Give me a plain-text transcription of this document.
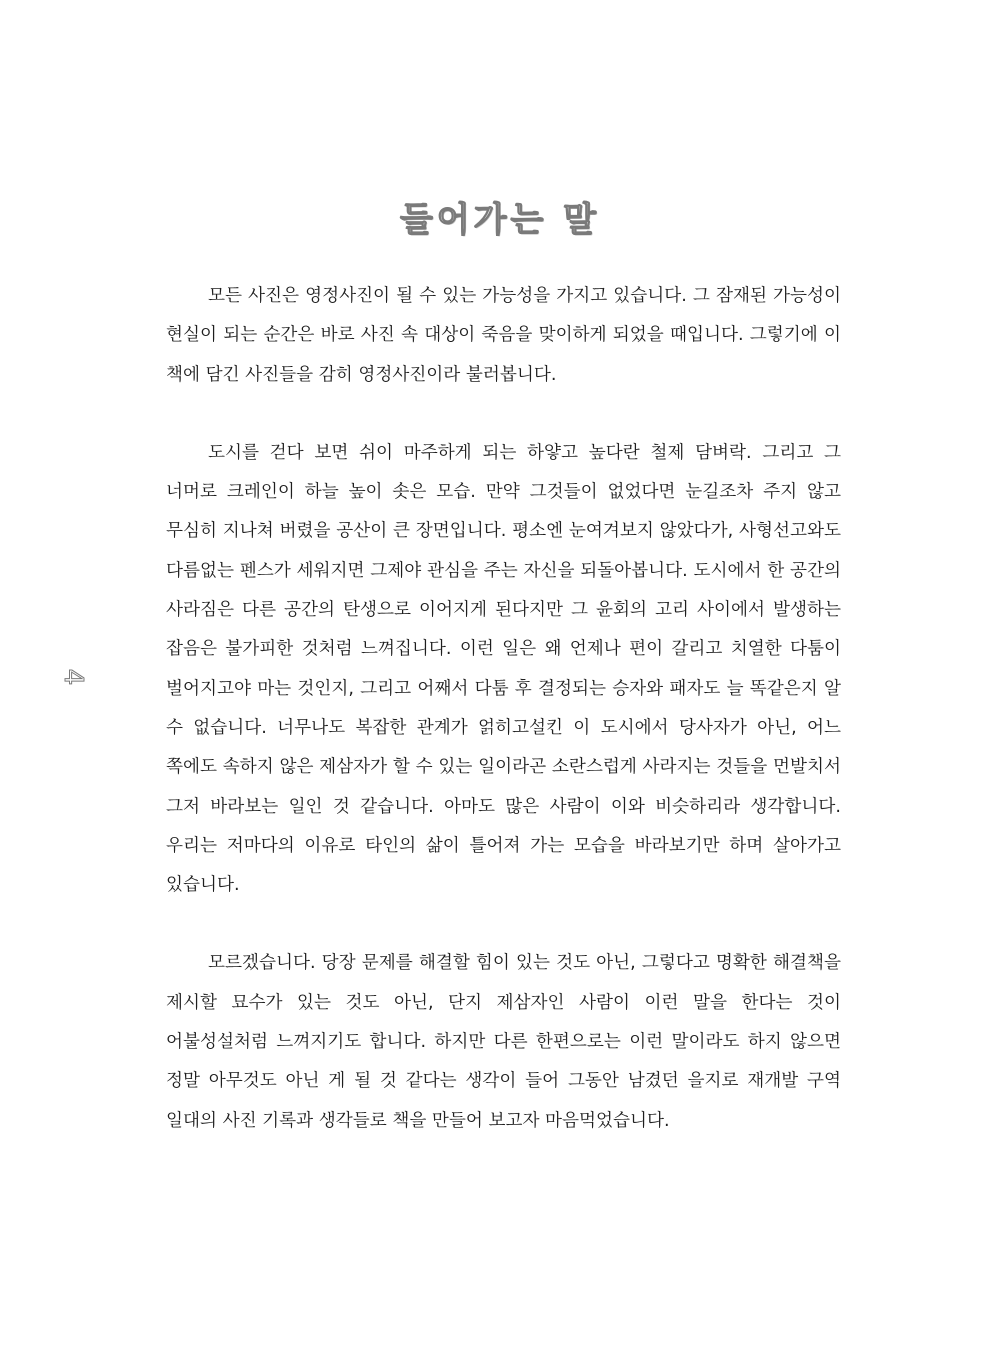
들어가는 말
4

모든 사진은 영정사진이 될 수 있는 가능성을 가지고 있습니다. 그 잠재된 가능성이 현실이 되는 순간은 바로 사진 속 대상이 죽음을 맞이하게 되었을 때입니다. 그렇기에 이 책에 담긴 사진들을 감히 영정사진이라 불러봅니다.

도시를 걷다 보면 쉬이 마주하게 되는 하얗고 높다란 철제 담벼락. 그리고 그 너머로 크레인이 하늘 높이 솟은 모습. 만약 그것들이 없었다면 눈길조차 주지 않고 무심히 지나쳐 버렸을 공산이 큰 장면입니다. 평소엔 눈여겨보지 않았다가, 사형선고와도 다름없는 펜스가 세워지면 그제야 관심을 주는 자신을 되돌아봅니다. 도시에서 한 공간의 사라짐은 다른 공간의 탄생으로 이어지게 된다지만 그 윤회의 고리 사이에서 발생하는 잡음은 불가피한 것처럼 느껴집니다. 이런 일은 왜 언제나 편이 갈리고 치열한 다툼이 벌어지고야 마는 것인지, 그리고 어째서 다툼 후 결정되는 승자와 패자도 늘 똑같은지 알 수 없습니다. 너무나도 복잡한 관계가 얽히고설킨 이 도시에서 당사자가 아닌, 어느 쪽에도 속하지 않은 제삼자가 할 수 있는 일이라곤 소란스럽게 사라지는 것들을 먼발치서 그저 바라보는 일인 것 같습니다. 아마도 많은 사람이 이와 비슷하리라 생각합니다. 우리는 저마다의 이유로 타인의 삶이 틀어져 가는 모습을 바라보기만 하며 살아가고 있습니다.

모르겠습니다. 당장 문제를 해결할 힘이 있는 것도 아닌, 그렇다고 명확한 해결책을 제시할 묘수가 있는 것도 아닌, 단지 제삼자인 사람이 이런 말을 한다는 것이 어불성설처럼 느껴지기도 합니다. 하지만 다른 한편으로는 이런 말이라도 하지 않으면 정말 아무것도 아닌 게 될 것 같다는 생각이 들어 그동안 남겼던 을지로 재개발 구역 일대의 사진 기록과 생각들로 책을 만들어 보고자 마음먹었습니다.
